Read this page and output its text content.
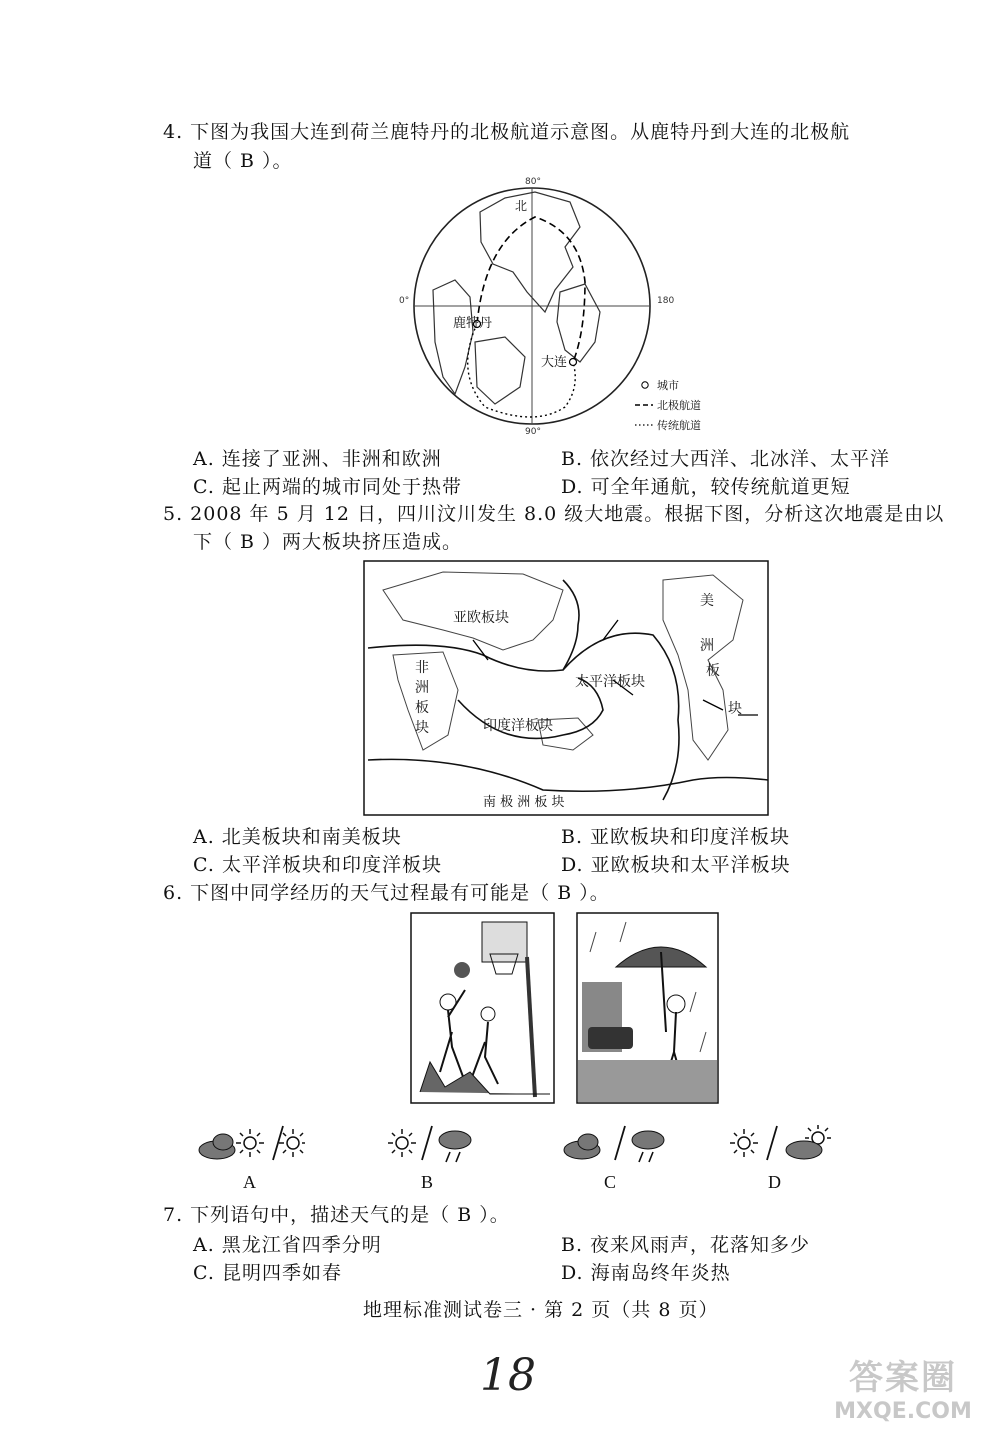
4. 下图为我国大连到荷兰鹿特丹的北极航道示意图。从鹿特丹到大连的北极航
道（ B ）。
80°
0°	180
90°
北
鹿特丹
大连
城市
北极航道
传统航道
A. 连接了亚洲、非洲和欧洲	B. 依次经过大西洋、北冰洋、太平洋
C. 起止两端的城市同处于热带	D. 可全年通航，较传统航道更短
5. 2008 年 5 月 12 日，四川汶川发生 8.0 级大地震。根据下图，分析这次地震是由以
下（ B ）两大板块挤压造成。
亚欧板块
非
洲
板
块
太平洋板块
印度洋板块
美
洲
板
块
南 极 洲 板 块
A. 北美板块和南美板块	B. 亚欧板块和印度洋板块
C. 太平洋板块和印度洋板块	D. 亚欧板块和太平洋板块
6. 下图中同学经历的天气过程最有可能是（ B ）。
A	B	C	D
7. 下列语句中，描述天气的是（ B ）。
A. 黑龙江省四季分明	B. 夜来风雨声，花落知多少
C. 昆明四季如春	D. 海南岛终年炎热
地理标准测试卷三 · 第 2 页（共 8 页）
18	答案圈
MXQE.COM
